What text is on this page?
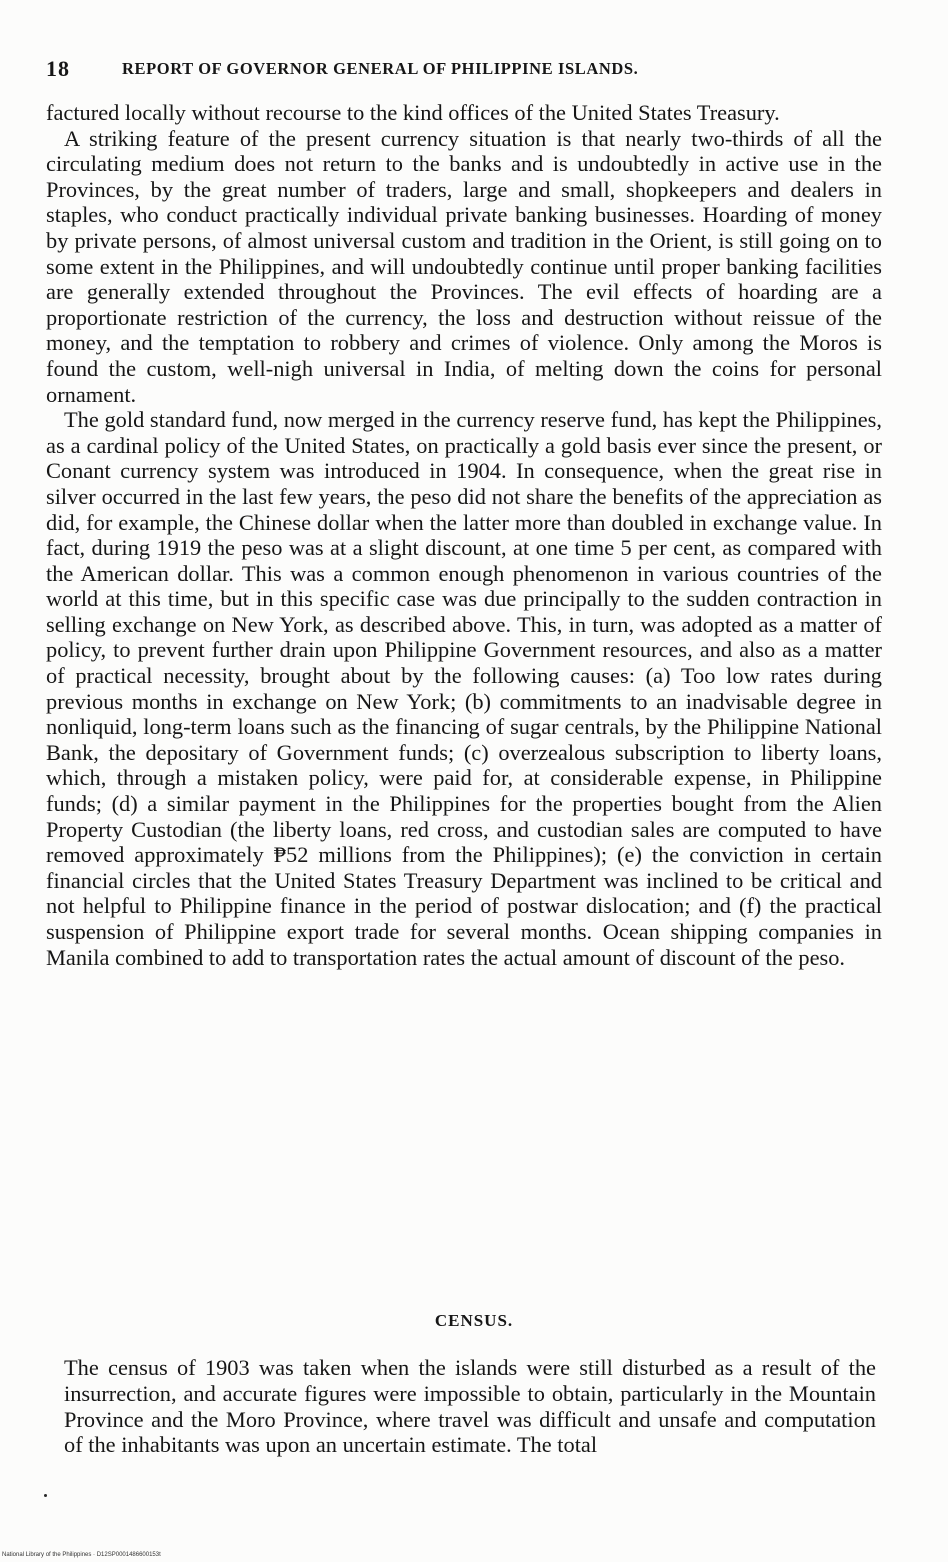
18	REPORT OF GOVERNOR GENERAL OF PHILIPPINE ISLANDS.

factured locally without recourse to the kind offices of the United States Treasury.

A striking feature of the present currency situation is that nearly two-thirds of all the circulating medium does not return to the banks and is undoubtedly in active use in the Provinces, by the great number of traders, large and small, shopkeepers and dealers in staples, who conduct practically individual private banking businesses. Hoarding of money by private persons, of almost universal custom and tradition in the Orient, is still going on to some extent in the Philippines, and will undoubtedly continue until proper banking facilities are generally extended throughout the Provinces. The evil effects of hoarding are a proportionate restriction of the currency, the loss and destruction without reissue of the money, and the temptation to robbery and crimes of violence. Only among the Moros is found the custom, well-nigh universal in India, of melting down the coins for personal ornament.

The gold standard fund, now merged in the currency reserve fund, has kept the Philippines, as a cardinal policy of the United States, on practically a gold basis ever since the present, or Conant currency system was introduced in 1904. In consequence, when the great rise in silver occurred in the last few years, the peso did not share the benefits of the appreciation as did, for example, the Chinese dollar when the latter more than doubled in exchange value. In fact, during 1919 the peso was at a slight discount, at one time 5 per cent, as compared with the American dollar. This was a common enough phenomenon in various countries of the world at this time, but in this specific case was due principally to the sudden contraction in selling exchange on New York, as described above. This, in turn, was adopted as a matter of policy, to prevent further drain upon Philippine Government resources, and also as a matter of practical necessity, brought about by the following causes: (a) Too low rates during previous months in exchange on New York; (b) commitments to an inadvisable degree in nonliquid, long-term loans such as the financing of sugar centrals, by the Philippine National Bank, the depositary of Government funds; (c) overzealous subscription to liberty loans, which, through a mistaken policy, were paid for, at considerable expense, in Philippine funds; (d) a similar payment in the Philippines for the properties bought from the Alien Property Custodian (the liberty loans, red cross, and custodian sales are computed to have removed approximately ₱52 millions from the Philippines); (e) the conviction in certain financial circles that the United States Treasury Department was inclined to be critical and not helpful to Philippine finance in the period of postwar dislocation; and (f) the practical suspension of Philippine export trade for several months. Ocean shipping companies in Manila combined to add to transportation rates the actual amount of discount of the peso.

CENSUS.

The census of 1903 was taken when the islands were still disturbed as a result of the insurrection, and accurate figures were impossible to obtain, particularly in the Mountain Province and the Moro Province, where travel was difficult and unsafe and computation of the inhabitants was upon an uncertain estimate. The total

National Library of the Philippines · D12SP0001486600153t
